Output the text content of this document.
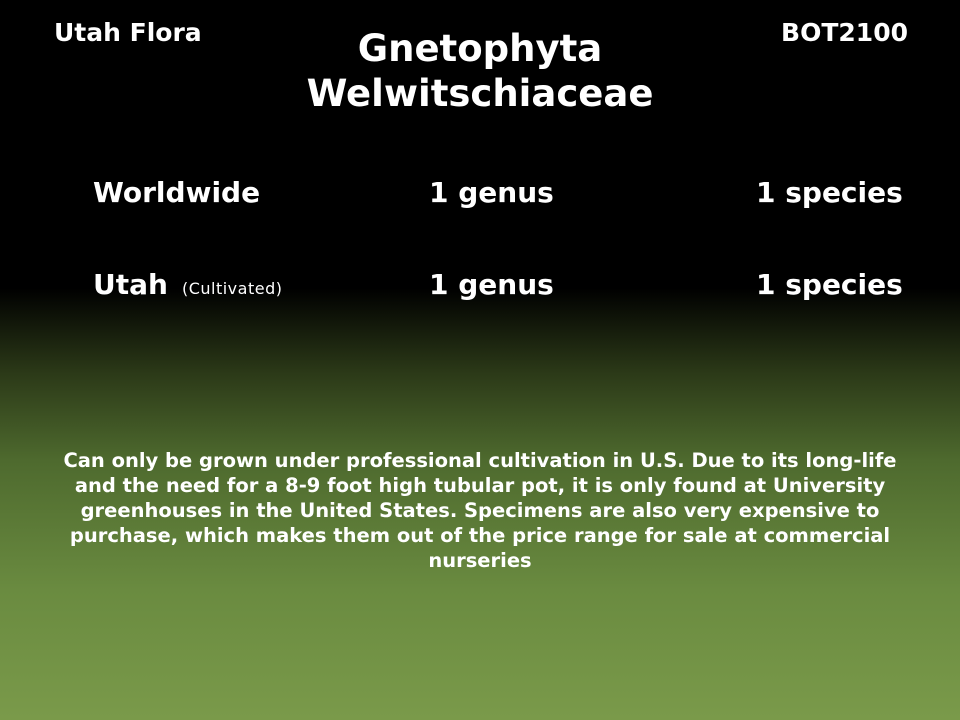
Utah Flora	BOT2100
Gnetophyta
Welwitschiaceae
Worldwide	1 genus	1 species
Utah (Cultivated)	1 genus	1 species
Can only be grown under professional cultivation in U.S. Due to its long-life and the need for a 8-9 foot high tubular pot, it is only found at University greenhouses in the United States. Specimens are also very expensive to purchase, which makes them out of the price range for sale at commercial nurseries
